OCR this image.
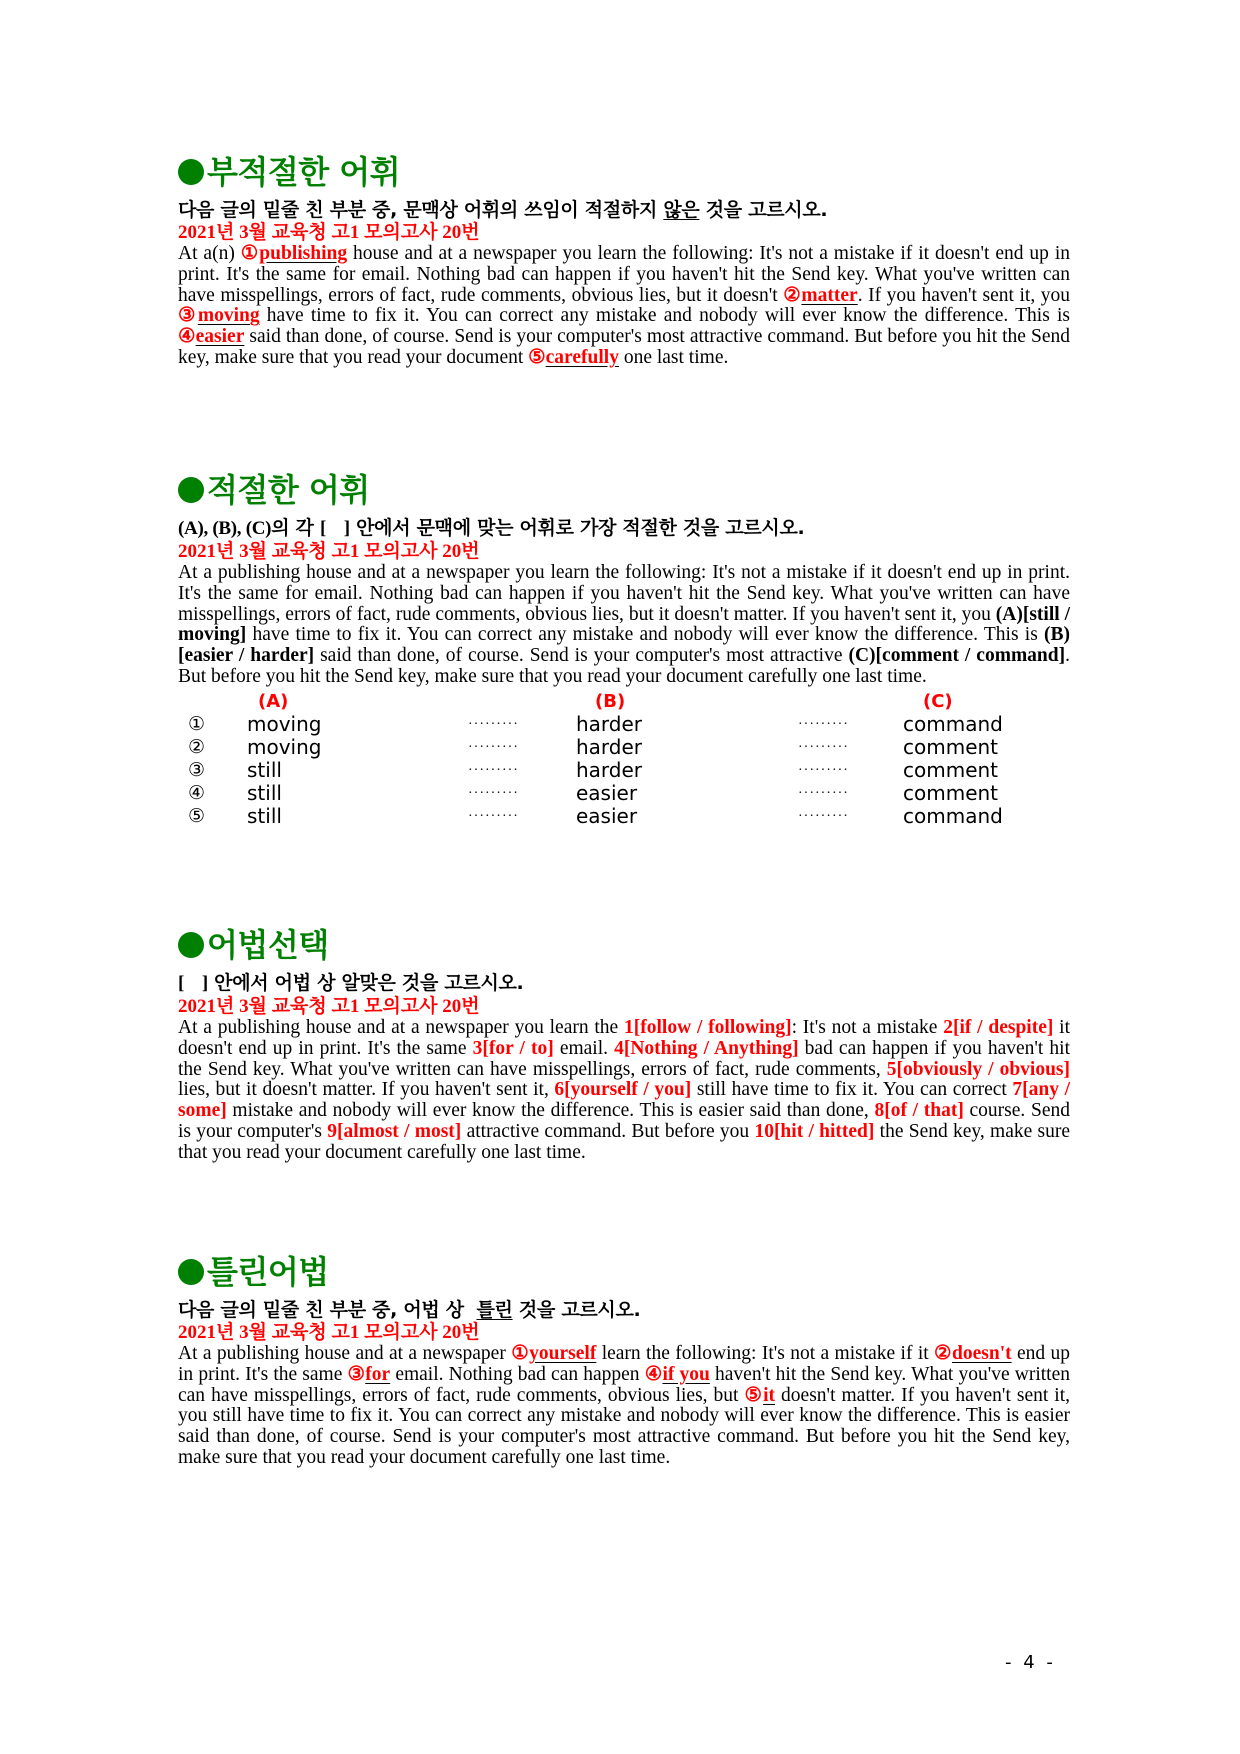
부적절한 어휘
다음 글의 밑줄 친 부분 중, 문맥상 어휘의 쓰임이 적절하지 않은 것을 고르시오.
2021년 3월 교육청 고1 모의고사 20번

At a(n) ①publishing house and at a newspaper you learn the following: It's not a mistake if it doesn't end up in print. It's the same for email. Nothing bad can happen if you haven't hit the Send key. What you've written can have misspellings, errors of fact, rude comments, obvious lies, but it doesn't ②matter. If you haven't sent it, you ③moving have time to fix it. You can correct any mistake and nobody will ever know the difference. This is ④easier said than done, of course. Send is your computer's most attractive command. But before you hit the Send key, make sure that you read your document ⑤carefully one last time.

적절한 어휘
(A), (B), (C)의 각 [    ] 안에서 문맥에 맞는 어휘로 가장 적절한 것을 고르시오.
2021년 3월 교육청 고1 모의고사 20번

At a publishing house and at a newspaper you learn the following: It's not a mistake if it doesn't end up in print. It's the same for email. Nothing bad can happen if you haven't hit the Send key. What you've written can have misspellings, errors of fact, rude comments, obvious lies, but it doesn't matter. If you haven't sent it, you (A)[still / moving] have time to fix it. You can correct any mistake and nobody will ever know the difference. This is (B)[easier / harder] said than done, of course. Send is your computer's most attractive (C)[comment / command]. But before you hit the Send key, make sure that you read your document carefully one last time.

(A)	(B)	(C)
① moving	·········	harder	·········	command
② moving	·········	harder	·········	comment
③ still	·········	harder	·········	comment
④ still	·········	easier	·········	comment
⑤ still	·········	easier	·········	command
어법선택
[    ] 안에서 어법 상 알맞은 것을 고르시오.
2021년 3월 교육청 고1 모의고사 20번

At a publishing house and at a newspaper you learn the 1[follow / following]: It's not a mistake 2[if / despite] it doesn't end up in print. It's the same 3[for / to] email. 4[Nothing / Anything] bad can happen if you haven't hit the Send key. What you've written can have misspellings, errors of fact, rude comments, 5[obviously / obvious] lies, but it doesn't matter. If you haven't sent it, 6[yourself / you] still have time to fix it. You can correct 7[any / some] mistake and nobody will ever know the difference. This is easier said than done, 8[of / that] course. Send is your computer's 9[almost / most] attractive command. But before you 10[hit / hitted] the Send key, make sure that you read your document carefully one last time.

틀린어법
다음 글의 밑줄 친 부분 중, 어법 상  틀린 것을 고르시오.
2021년 3월 교육청 고1 모의고사 20번

At a publishing house and at a newspaper ①yourself learn the following: It's not a mistake if it ②doesn't end up in print. It's the same ③for email. Nothing bad can happen ④if you haven't hit the Send key. What you've written can have misspellings, errors of fact, rude comments, obvious lies, but ⑤it doesn't matter. If you haven't sent it, you still have time to fix it. You can correct any mistake and nobody will ever know the difference. This is easier said than done, of course. Send is your computer's most attractive command. But before you hit the Send key, make sure that you read your document carefully one last time.

- 4 -
